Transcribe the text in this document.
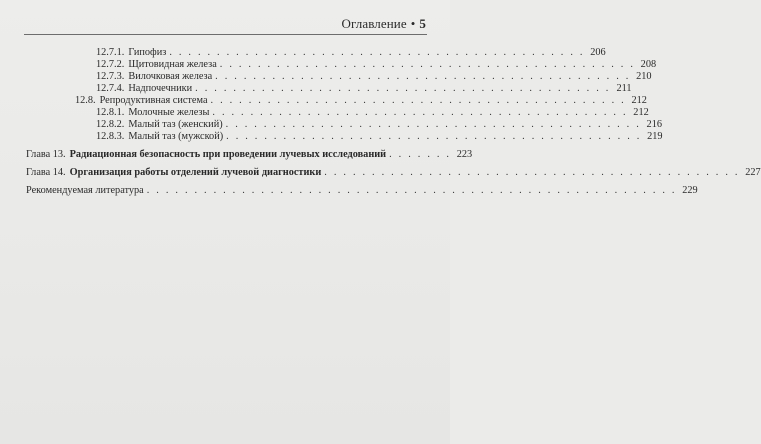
Оглавление • 5
12.7.1. Гипофиз . . . . . . . . . . . . . . . . . . . . . . . . . . . . . . . . . . . . . . . . . . . . 206
12.7.2. Щитовидная железа . . . . . . . . . . . . . . . . . . . . . . . . . . . . . . . . . . . . . . . . . . . . 208
12.7.3. Вилочковая железа . . . . . . . . . . . . . . . . . . . . . . . . . . . . . . . . . . . . . . . . . . . . 210
12.7.4. Надпочечники . . . . . . . . . . . . . . . . . . . . . . . . . . . . . . . . . . . . . . . . . . . . 211
12.8. Репродуктивная система . . . . . . . . . . . . . . . . . . . . . . . . . . . . . . . . . . . . . . . . . . . . 212
12.8.1. Молочные железы . . . . . . . . . . . . . . . . . . . . . . . . . . . . . . . . . . . . . . . . . . . . 212
12.8.2. Малый таз (женский) . . . . . . . . . . . . . . . . . . . . . . . . . . . . . . . . . . . . . . . . . . . . 216
12.8.3. Малый таз (мужской) . . . . . . . . . . . . . . . . . . . . . . . . . . . . . . . . . . . . . . . . . . . . 219
Глава 13. Радиационная безопасность при проведении лучевых исследований . . . . . . . 223
Глава 14. Организация работы отделений лучевой диагностики . . . . . . . . . . . . . . . . . . . . . . . . . . . . . . . . . . . . . . . . . . . . 227
Рекомендуемая литература . . . . . . . . . . . . . . . . . . . . . . . . . . . . . . . . . . . . . . . . . . . . . . . . . . . . . . . . 229
